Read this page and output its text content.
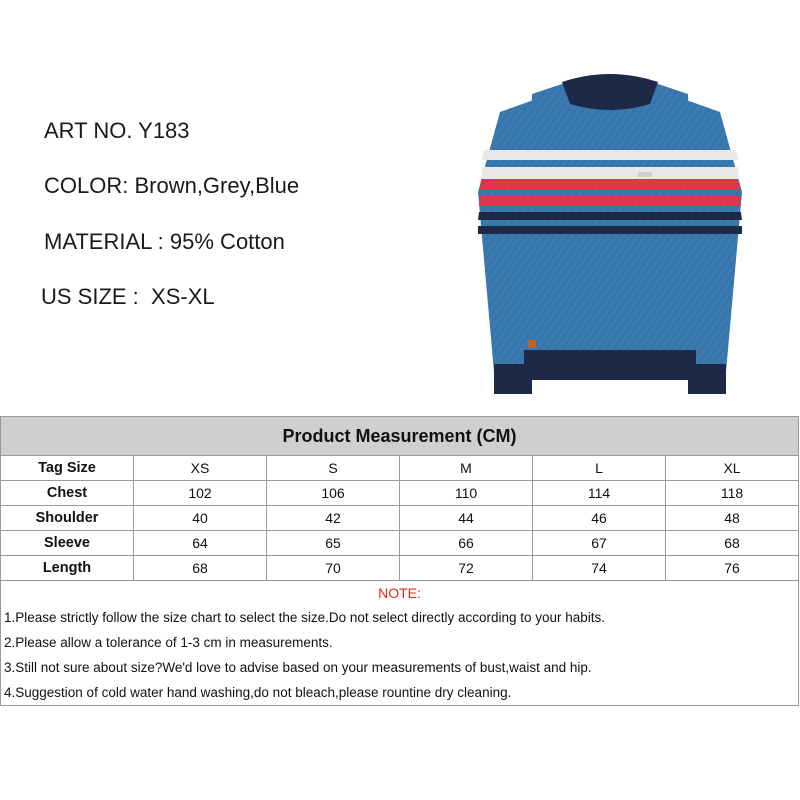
ART NO. Y183
COLOR: Brown,Grey,Blue
MATERIAL : 95% Cotton
US SIZE :  XS-XL
Product Measurement (CM)					
Tag Size	XS	S	M	L	XL
Chest	102	106	110	114	118
Shoulder	40	42	44	46	48
Sleeve	64	65	66	67	68
Length	68	70	72	74	76
NOTE:
1.Please strictly follow the size chart to select the size.Do not select directly according to your habits.
2.Please allow a tolerance of 1-3 cm in measurements.
3.Still not sure about size?We'd love to advise based on your measurements of bust,waist and hip.
4.Suggestion of cold water hand washing,do not bleach,please rountine dry cleaning.
